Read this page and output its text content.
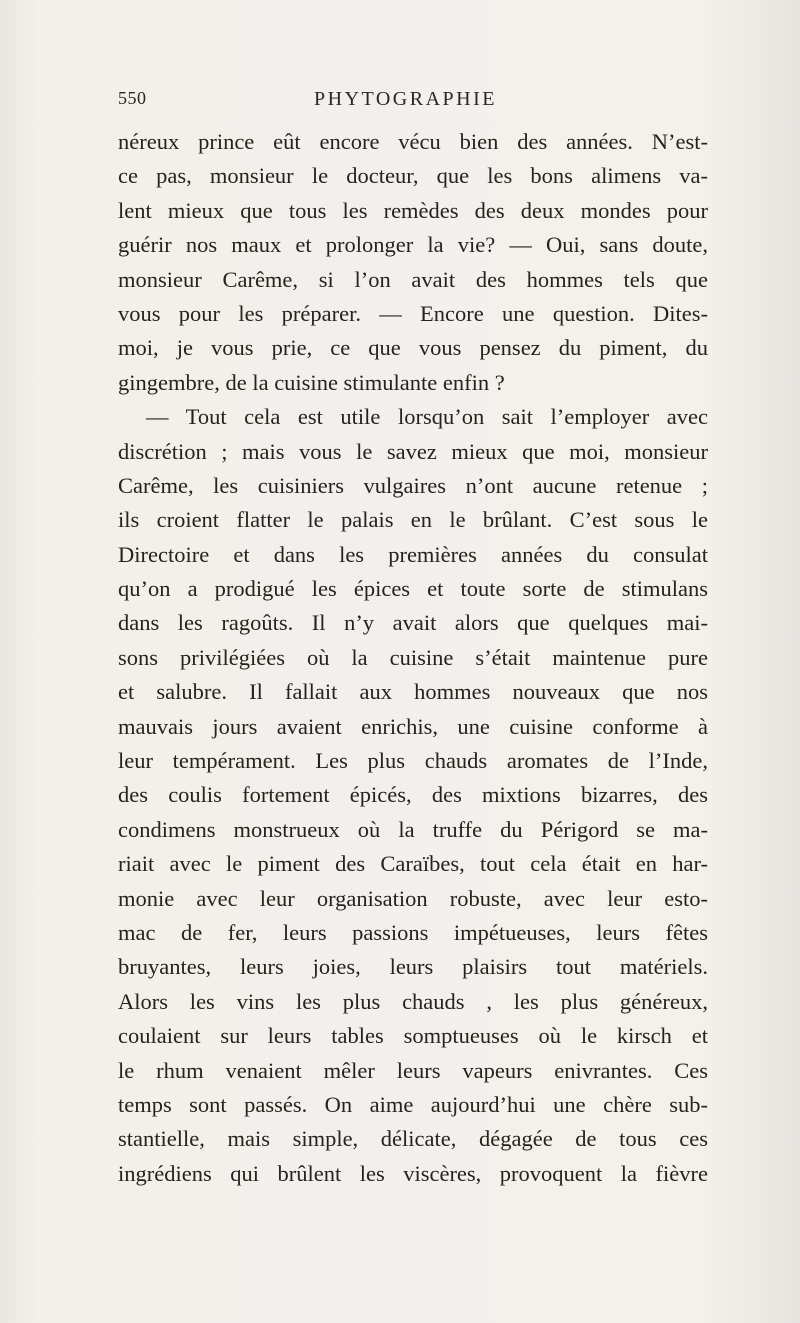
550	PHYTOGRAPHIE
néreux prince eût encore vécu bien des années. N’est-
ce pas, monsieur le docteur, que les bons alimens va-
lent mieux que tous les remèdes des deux mondes pour
guérir nos maux et prolonger la vie? — Oui, sans doute,
monsieur Carême, si l’on avait des hommes tels que
vous pour les préparer. — Encore une question. Dites-
moi, je vous prie, ce que vous pensez du piment, du
gingembre, de la cuisine stimulante enfin ?
— Tout cela est utile lorsqu’on sait l’employer avec
discrétion ; mais vous le savez mieux que moi, monsieur
Carême, les cuisiniers vulgaires n’ont aucune retenue ;
ils croient flatter le palais en le brûlant. C’est sous le
Directoire et dans les premières années du consulat
qu’on a prodigué les épices et toute sorte de stimulans
dans les ragoûts. Il n’y avait alors que quelques mai-
sons privilégiées où la cuisine s’était maintenue pure
et salubre. Il fallait aux hommes nouveaux que nos
mauvais jours avaient enrichis, une cuisine conforme à
leur tempérament. Les plus chauds aromates de l’Inde,
des coulis fortement épicés, des mixtions bizarres, des
condimens monstrueux où la truffe du Périgord se ma-
riait avec le piment des Caraïbes, tout cela était en har-
monie avec leur organisation robuste, avec leur esto-
mac de fer, leurs passions impétueuses, leurs fêtes
bruyantes, leurs joies, leurs plaisirs tout matériels.
Alors les vins les plus chauds , les plus généreux,
coulaient sur leurs tables somptueuses où le kirsch et
le rhum venaient mêler leurs vapeurs enivrantes. Ces
temps sont passés. On aime aujourd’hui une chère sub-
stantielle, mais simple, délicate, dégagée de tous ces
ingrédiens qui brûlent les viscères, provoquent la fièvre
